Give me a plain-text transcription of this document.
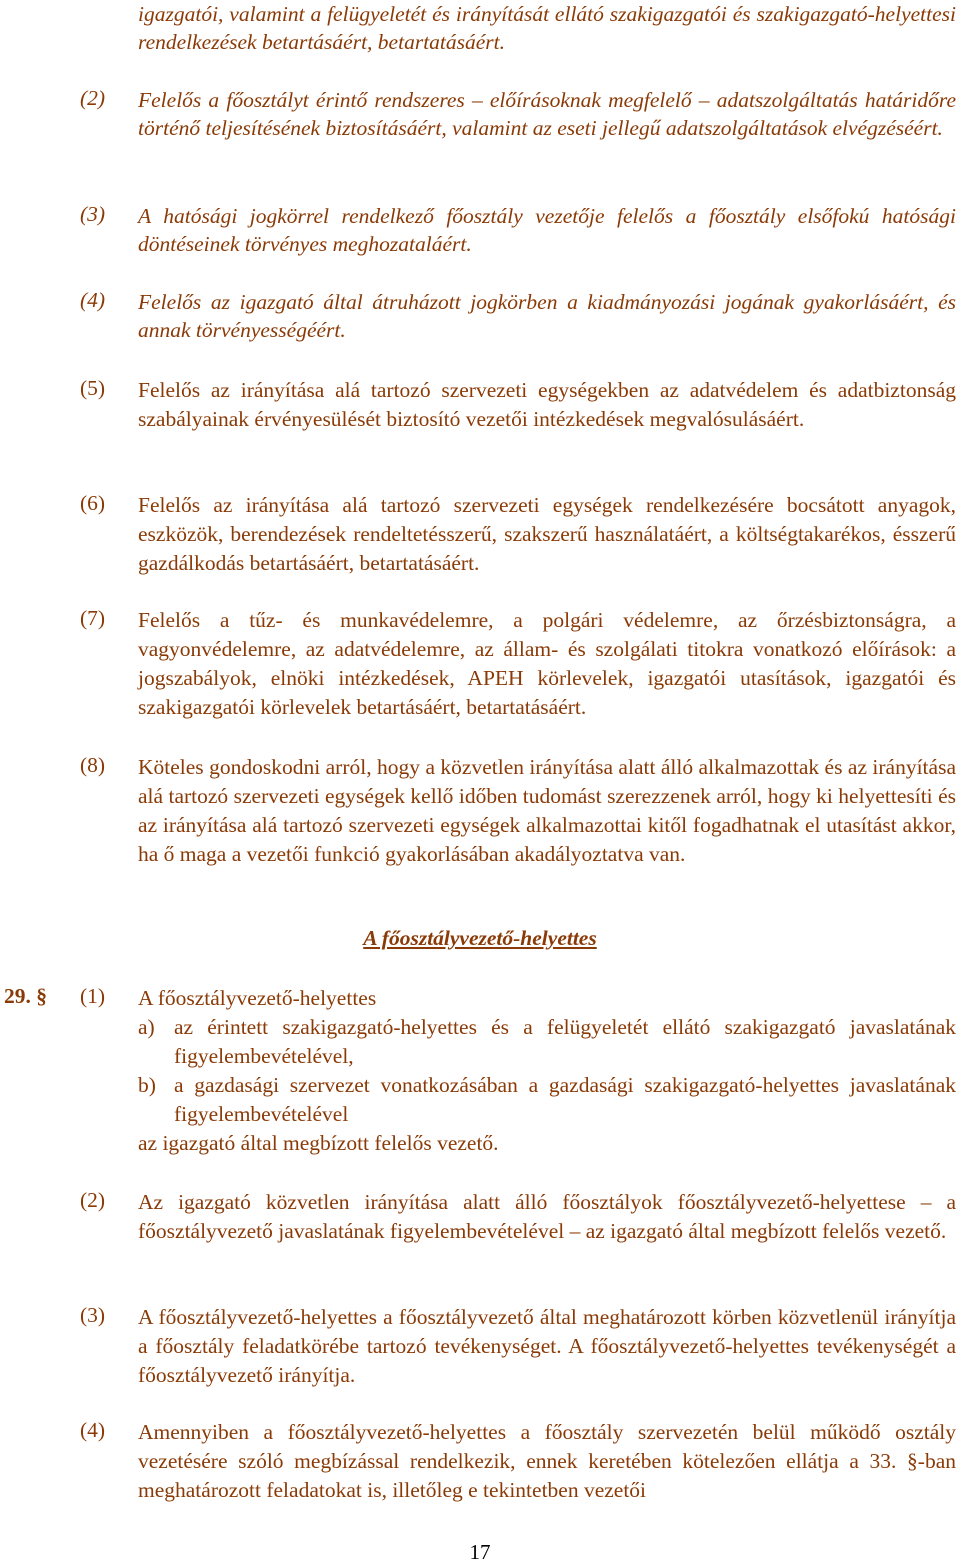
igazgatói, valamint a felügyeletét és irányítását ellátó szakigazgatói és szakigazgató-helyettesi rendelkezések betartásáért, betartatásáért.
(2) Felelős a főosztályt érintő rendszeres – előírásoknak megfelelő – adatszolgáltatás határidőre történő teljesítésének biztosításáért, valamint az eseti jellegű adatszolgáltatások elvégzéséért.
(3) A hatósági jogkörrel rendelkező főosztály vezetője felelős a főosztály elsőfokú hatósági döntéseinek törvényes meghozataláért.
(4) Felelős az igazgató által átruházott jogkörben a kiadmányozási jogának gyakorlásáért, és annak törvényességéért.
(5) Felelős az irányítása alá tartozó szervezeti egységekben az adatvédelem és adatbiztonság szabályainak érvényesülését biztosító vezetői intézkedések megvalósulásáért.
(6) Felelős az irányítása alá tartozó szervezeti egységek rendelkezésére bocsátott anyagok, eszközök, berendezések rendeltetésszerű, szakszerű használatáért, a költségtakarékos, ésszerű gazdálkodás betartásáért, betartatásáért.
(7) Felelős a tűz- és munkavédelemre, a polgári védelemre, az őrzésbiztonságra, a vagyonvédelemre, az adatvédelemre, az állam- és szolgálati titokra vonatkozó előírások: a jogszabályok, elnöki intézkedések, APEH körlevelek, igazgatói utasítások, igazgatói és szakigazgatói körlevelek betartásáért, betartatásáért.
(8) Köteles gondoskodni arról, hogy a közvetlen irányítása alatt álló alkalmazottak és az irányítása alá tartozó szervezeti egységek kellő időben tudomást szerezzenek arról, hogy ki helyettesíti és az irányítása alá tartozó szervezeti egységek alkalmazottai kitől fogadhatnak el utasítást akkor, ha ő maga a vezetői funkció gyakorlásában akadályoztatva van.
A főosztályvezető-helyettes
29. § (1) A főosztályvezető-helyettes
a) az érintett szakigazgató-helyettes és a felügyeletét ellátó szakigazgató javaslatának figyelembevételével,
b) a gazdasági szervezet vonatkozásában a gazdasági szakigazgató-helyettes javaslatának figyelembevételével
az igazgató által megbízott felelős vezető.
(2) Az igazgató közvetlen irányítása alatt álló főosztályok főosztályvezető-helyettese – a főosztályvezető javaslatának figyelembevételével – az igazgató által megbízott felelős vezető.
(3) A főosztályvezető-helyettes a főosztályvezető által meghatározott körben közvetlenül irányítja a főosztály feladatkörébe tartozó tevékenységet. A főosztályvezető-helyettes tevékenységét a főosztályvezető irányítja.
(4) Amennyiben a főosztályvezető-helyettes a főosztály szervezetén belül működő osztály vezetésére szóló megbízással rendelkezik, ennek keretében kötelezően ellátja a 33. §-ban meghatározott feladatokat is, illetőleg e tekintetben vezetői
17
